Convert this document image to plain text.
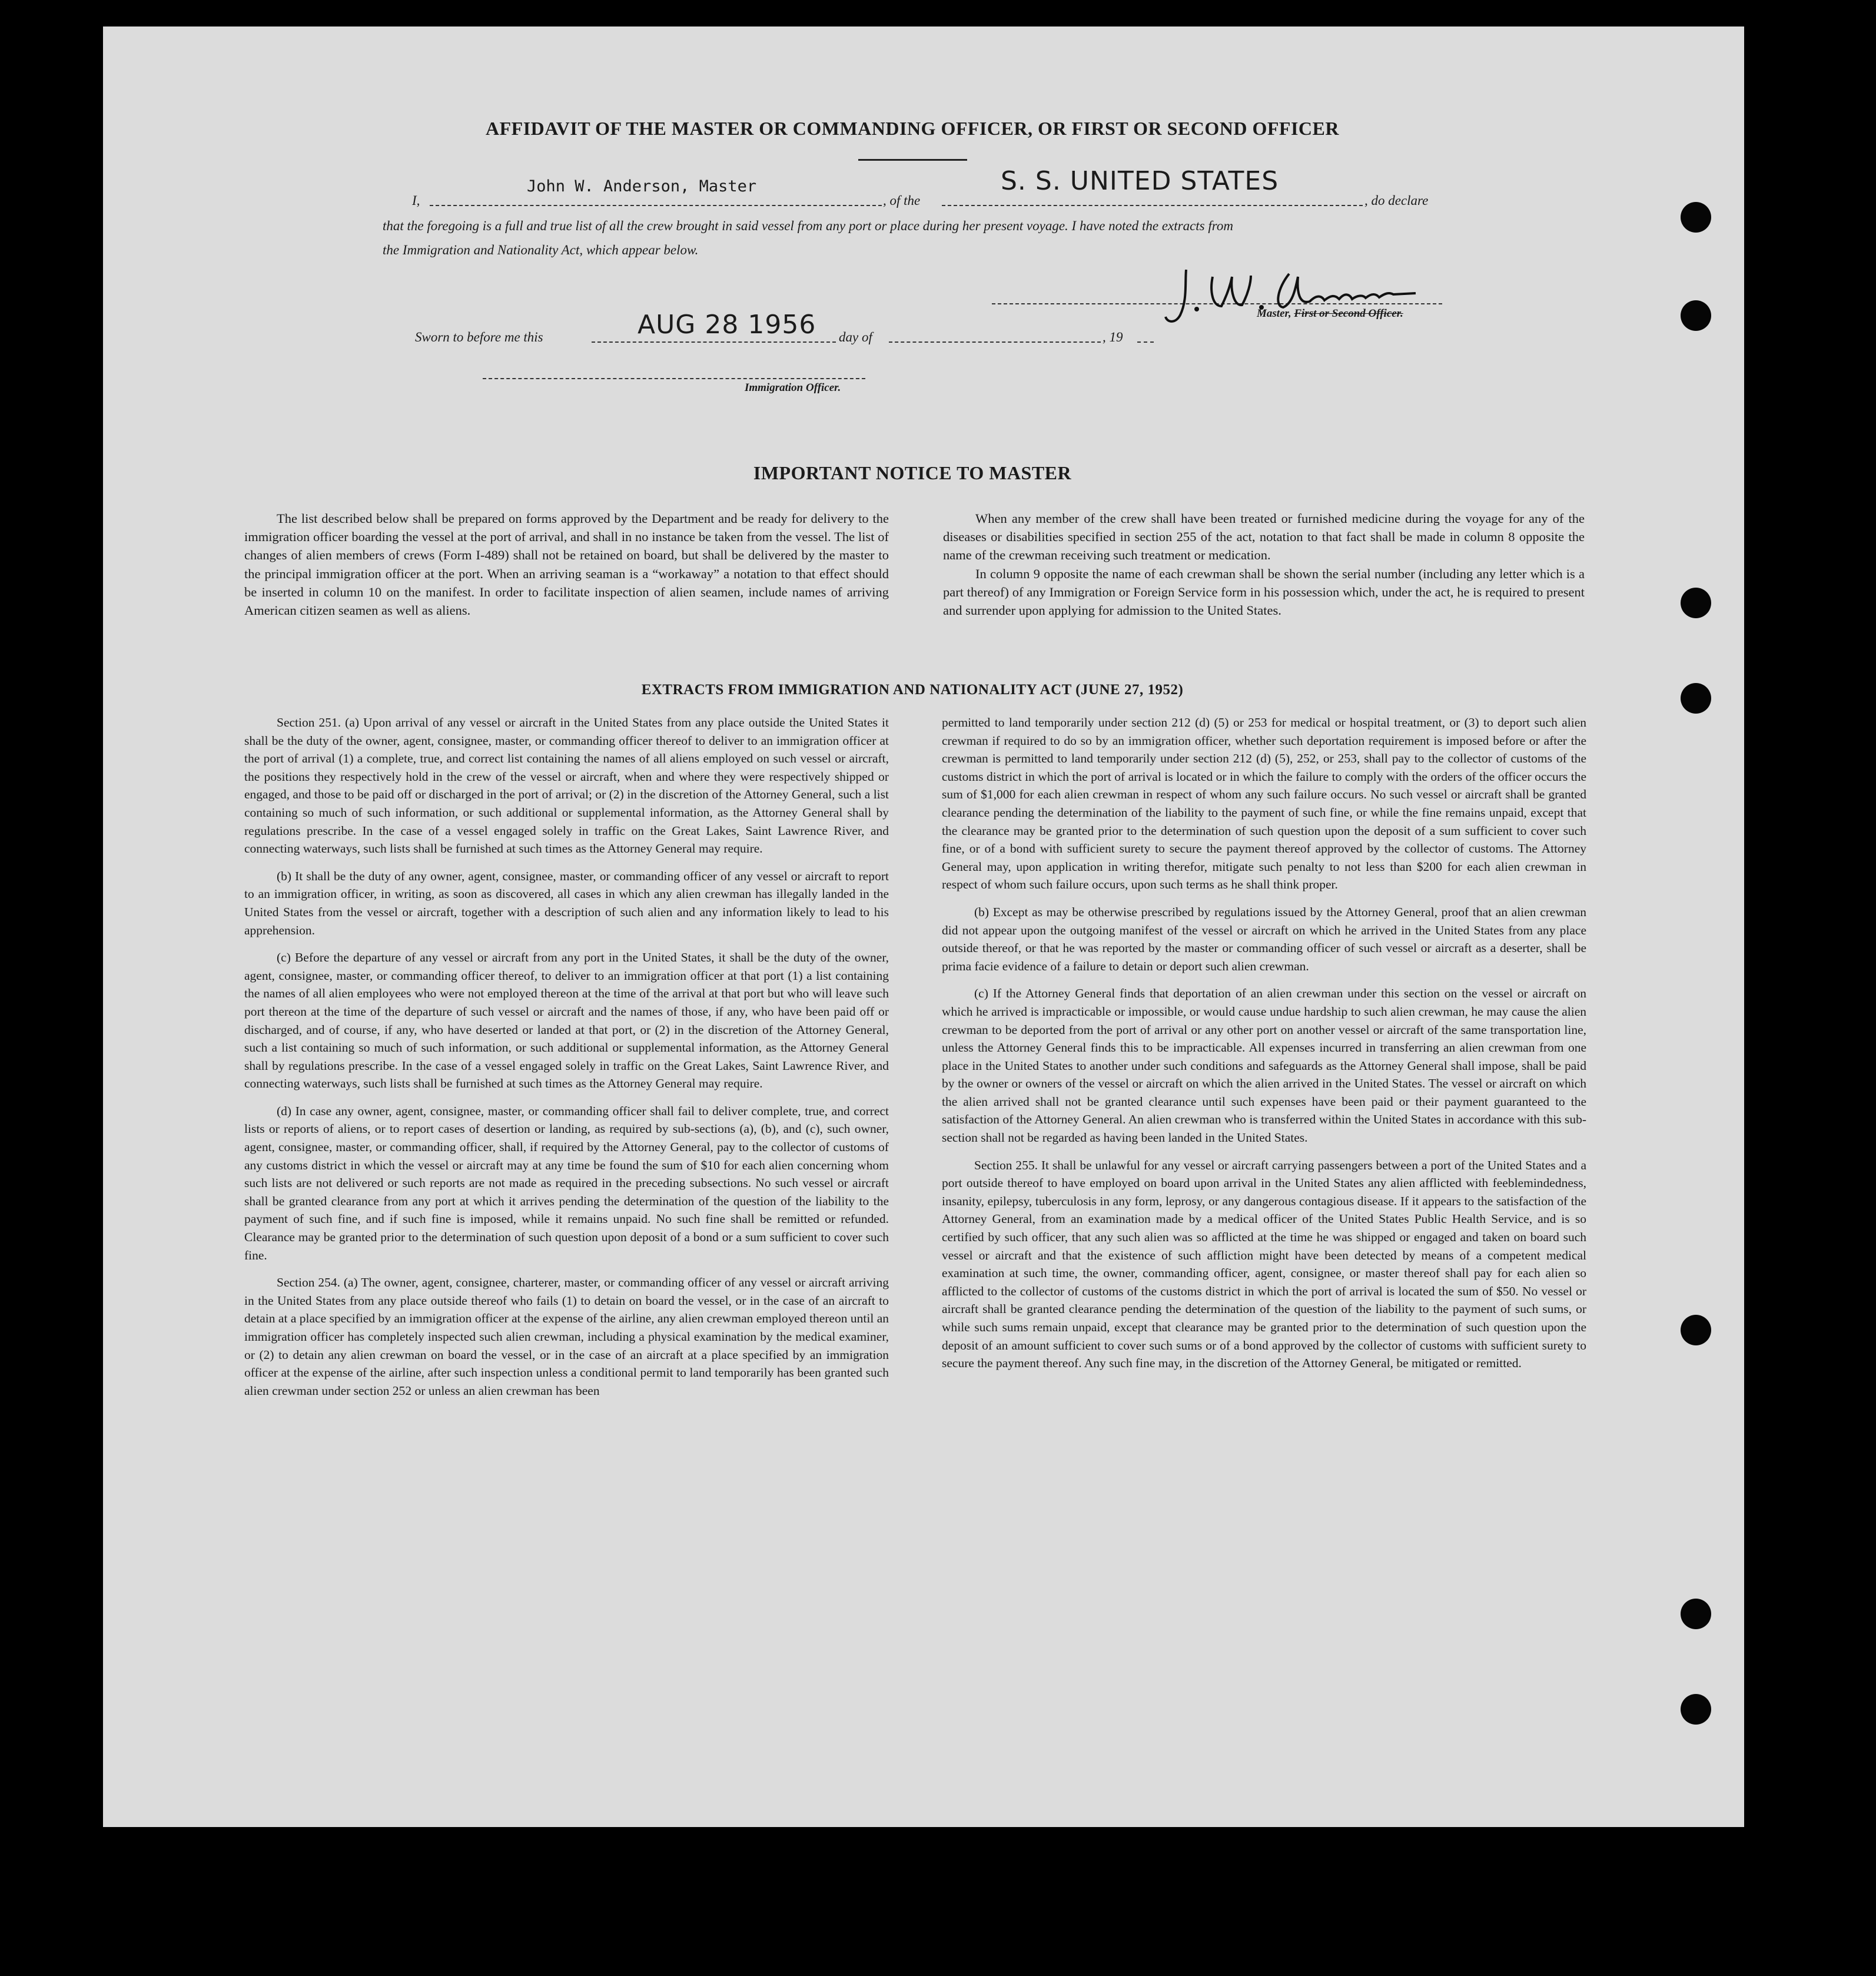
AFFIDAVIT OF THE MASTER OR COMMANDING OFFICER, OR FIRST OR SECOND OFFICER
I,
John W. Anderson, Master
, of the
S. S. UNITED STATES
, do declare
that the foregoing is a full and true list of all the crew brought in said vessel from any port or place during her present voyage. I have noted the extracts from
the Immigration and Nationality Act, which appear below.
Master, First or Second Officer.
Sworn to before me this	AUG 28 1956 day of	, 19
Immigration Officer.
IMPORTANT NOTICE TO MASTER

The list described below shall be prepared on forms approved by the Department and be ready for delivery to the immigration officer boarding the vessel at the port of arrival, and shall in no instance be taken from the vessel. The list of changes of alien members of crews (Form I-489) shall not be retained on board, but shall be delivered by the master to the principal immigration officer at the port. When an arriving seaman is a “workaway” a notation to that effect should be inserted in column 10 on the manifest. In order to facilitate inspection of alien seamen, include names of arriving American citizen seamen as well as aliens.

When any member of the crew shall have been treated or furnished medicine during the voyage for any of the diseases or disabilities specified in section 255 of the act, notation to that fact shall be made in column 8 opposite the name of the crewman receiving such treatment or medication.

In column 9 opposite the name of each crewman shall be shown the serial number (including any letter which is a part thereof) of any Immigration or Foreign Service form in his possession which, under the act, he is required to present and surrender upon applying for admission to the United States.

EXTRACTS FROM IMMIGRATION AND NATIONALITY ACT (JUNE 27, 1952)

Section 251. (a) Upon arrival of any vessel or aircraft in the United States from any place outside the United States it shall be the duty of the owner, agent, consignee, master, or commanding officer thereof to deliver to an immigration officer at the port of arrival (1) a complete, true, and correct list containing the names of all aliens employed on such vessel or aircraft, the positions they respectively hold in the crew of the vessel or aircraft, when and where they were respectively shipped or engaged, and those to be paid off or discharged in the port of arrival; or (2) in the discretion of the Attorney General, such a list containing so much of such information, or such additional or supplemental information, as the Attorney General shall by regulations prescribe. In the case of a vessel engaged solely in traffic on the Great Lakes, Saint Lawrence River, and connecting waterways, such lists shall be furnished at such times as the Attorney General may require.

(b) It shall be the duty of any owner, agent, consignee, master, or commanding officer of any vessel or aircraft to report to an immigration officer, in writing, as soon as discovered, all cases in which any alien crewman has illegally landed in the United States from the vessel or aircraft, together with a description of such alien and any information likely to lead to his apprehension.

(c) Before the departure of any vessel or aircraft from any port in the United States, it shall be the duty of the owner, agent, consignee, master, or commanding officer thereof, to deliver to an immigration officer at that port (1) a list containing the names of all alien employees who were not employed thereon at the time of the arrival at that port but who will leave such port thereon at the time of the departure of such vessel or aircraft and the names of those, if any, who have been paid off or discharged, and of course, if any, who have deserted or landed at that port, or (2) in the discretion of the Attorney General, such a list containing so much of such information, or such additional or supplemental information, as the Attorney General shall by regulations prescribe. In the case of a vessel engaged solely in traffic on the Great Lakes, Saint Lawrence River, and connecting waterways, such lists shall be furnished at such times as the Attorney General may require.

(d) In case any owner, agent, consignee, master, or commanding officer shall fail to deliver complete, true, and correct lists or reports of aliens, or to report cases of desertion or landing, as required by sub-sections (a), (b), and (c), such owner, agent, consignee, master, or commanding officer, shall, if required by the Attorney General, pay to the collector of customs of any customs district in which the vessel or aircraft may at any time be found the sum of $10 for each alien concerning whom such lists are not delivered or such reports are not made as required in the preceding subsections. No such vessel or aircraft shall be granted clearance from any port at which it arrives pending the determination of the question of the liability to the payment of such fine, and if such fine is imposed, while it remains unpaid. No such fine shall be remitted or refunded. Clearance may be granted prior to the determination of such question upon deposit of a bond or a sum sufficient to cover such fine.

Section 254. (a) The owner, agent, consignee, charterer, master, or commanding officer of any vessel or aircraft arriving in the United States from any place outside thereof who fails (1) to detain on board the vessel, or in the case of an aircraft to detain at a place specified by an immigration officer at the expense of the airline, any alien crewman employed thereon until an immigration officer has completely inspected such alien crewman, including a physical examination by the medical examiner, or (2) to detain any alien crewman on board the vessel, or in the case of an aircraft at a place specified by an immigration officer at the expense of the airline, after such inspection unless a conditional permit to land temporarily has been granted such alien crewman under section 252 or unless an alien crewman has been

permitted to land temporarily under section 212 (d) (5) or 253 for medical or hospital treatment, or (3) to deport such alien crewman if required to do so by an immigration officer, whether such deportation requirement is imposed before or after the crewman is permitted to land temporarily under section 212 (d) (5), 252, or 253, shall pay to the collector of customs of the customs district in which the port of arrival is located or in which the failure to comply with the orders of the officer occurs the sum of $1,000 for each alien crewman in respect of whom any such failure occurs. No such vessel or aircraft shall be granted clearance pending the determination of the liability to the payment of such fine, or while the fine remains unpaid, except that the clearance may be granted prior to the determination of such question upon the deposit of a sum sufficient to cover such fine, or of a bond with sufficient surety to secure the payment thereof approved by the collector of customs. The Attorney General may, upon application in writing therefor, mitigate such penalty to not less than $200 for each alien crewman in respect of whom such failure occurs, upon such terms as he shall think proper.

(b) Except as may be otherwise prescribed by regulations issued by the Attorney General, proof that an alien crewman did not appear upon the outgoing manifest of the vessel or aircraft on which he arrived in the United States from any place outside thereof, or that he was reported by the master or commanding officer of such vessel or aircraft as a deserter, shall be prima facie evidence of a failure to detain or deport such alien crewman.

(c) If the Attorney General finds that deportation of an alien crewman under this section on the vessel or aircraft on which he arrived is impracticable or impossible, or would cause undue hardship to such alien crewman, he may cause the alien crewman to be deported from the port of arrival or any other port on another vessel or aircraft of the same transportation line, unless the Attorney General finds this to be impracticable. All expenses incurred in transferring an alien crewman from one place in the United States to another under such conditions and safeguards as the Attorney General shall impose, shall be paid by the owner or owners of the vessel or aircraft on which the alien arrived in the United States. The vessel or aircraft on which the alien arrived shall not be granted clearance until such expenses have been paid or their payment guaranteed to the satisfaction of the Attorney General. An alien crewman who is transferred within the United States in accordance with this sub-section shall not be regarded as having been landed in the United States.

Section 255. It shall be unlawful for any vessel or aircraft carrying passengers between a port of the United States and a port outside thereof to have employed on board upon arrival in the United States any alien afflicted with feeblemindedness, insanity, epilepsy, tuberculosis in any form, leprosy, or any dangerous contagious disease. If it appears to the satisfaction of the Attorney General, from an examination made by a medical officer of the United States Public Health Service, and is so certified by such officer, that any such alien was so afflicted at the time he was shipped or engaged and taken on board such vessel or aircraft and that the existence of such affliction might have been detected by means of a competent medical examination at such time, the owner, commanding officer, agent, consignee, or master thereof shall pay for each alien so afflicted to the collector of customs of the customs district in which the port of arrival is located the sum of $50. No vessel or aircraft shall be granted clearance pending the determination of the question of the liability to the payment of such sums, or while such sums remain unpaid, except that clearance may be granted prior to the determination of such question upon the deposit of an amount sufficient to cover such sums or of a bond approved by the collector of customs with sufficient surety to secure the payment thereof. Any such fine may, in the discretion of the Attorney General, be mitigated or remitted.
